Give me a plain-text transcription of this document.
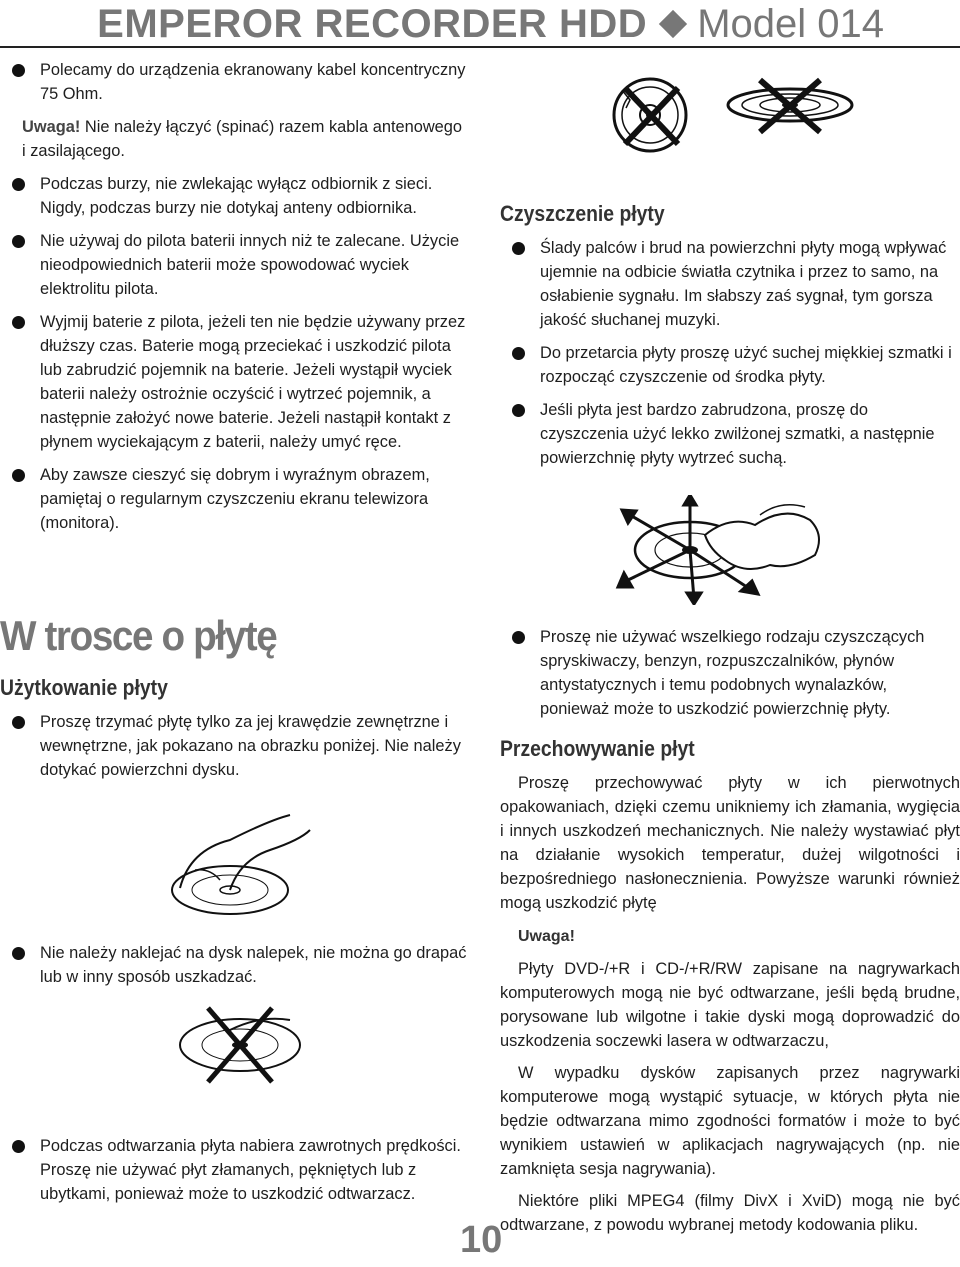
EMPEROR RECORDER HDD Model 014

Polecamy do urządzenia ekranowany kabel koncentryczny 75 Ohm.

Uwaga! Nie należy łączyć (spinać) razem kabla antenowego i zasilającego.

Podczas burzy, nie zwlekając wyłącz odbiornik z sieci. Nigdy, podczas burzy nie dotykaj anteny odbiornika.

Nie używaj do pilota baterii innych niż te zalecane. Użycie nieodpowiednich baterii może spowodować wyciek elektrolitu pilota.

Wyjmij baterie z pilota, jeżeli ten nie będzie używany przez dłuższy czas. Baterie mogą przeciekać i uszkodzić pilota lub zabrudzić pojemnik na baterie. Jeżeli wystąpił wyciek baterii należy ostrożnie oczyścić i wytrzeć pojemnik, a następnie założyć nowe baterie. Jeżeli nastąpił kontakt z płynem wyciekającym z baterii, należy umyć ręce.

Aby zawsze cieszyć się dobrym i wyraźnym obrazem, pamiętaj o regularnym czyszczeniu ekranu telewizora (monitora).

Czyszczenie płyty

Ślady palców i brud na powierzchni płyty mogą wpływać ujemnie na odbicie światła czytnika i przez to samo, na osłabienie sygnału. Im słabszy zaś sygnał, tym gorsza jakość słuchanej muzyki.

Do przetarcia płyty proszę użyć suchej miękkiej szmatki i rozpocząć czyszczenie od środka płyty.

Jeśli płyta jest bardzo zabrudzona, proszę do czyszczenia użyć lekko zwilżonej szmatki, a następnie powierzchnię płyty wytrzeć suchą.

W trosce o płytę
Użytkowanie płyty

Proszę trzymać płytę tylko za jej krawędzie zewnętrzne i wewnętrzne, jak pokazano na obrazku poniżej. Nie należy dotykać powierzchni dysku.

Nie należy naklejać na dysk nalepek, nie można go drapać lub w inny sposób uszkadzać.

Podczas odtwarzania płyta nabiera zawrotnych prędkości. Proszę nie używać płyt złamanych, pękniętych lub z ubytkami, ponieważ może to uszkodzić odtwarzacz.

Proszę nie używać wszelkiego rodzaju czyszczących spryskiwaczy, benzyn, rozpuszczalników, płynów antystatycznych i temu podobnych wynalazków, ponieważ może to uszkodzić powierzchnię płyty.

Przechowywanie płyt

Proszę przechowywać płyty w ich pierwotnych opakowaniach, dzięki czemu unikniemy ich złamania, wygięcia i innych uszkodzeń mechanicznych. Nie należy wystawiać płyt na działanie wysokich temperatur, dużej wilgotności i bezpośredniego nasłonecznienia. Powyższe warunki również mogą uszkodzić płytę

Uwaga!

Płyty DVD-/+R i CD-/+R/RW zapisane na nagrywarkach komputerowych mogą nie być odtwarzane, jeśli będą brudne, porysowane lub wilgotne i takie dyski mogą doprowadzić do uszkodzenia soczewki lasera w odtwarzaczu,

W wypadku dysków zapisanych przez nagrywarki komputerowe mogą wystąpić sytuacje, w których płyta nie będzie odtwarzana mimo zgodności formatów i może to być wynikiem ustawień w aplikacjach nagrywających (np. nie zamknięta sesja nagrywania).

Niektóre pliki MPEG4 (filmy DivX i XviD) mogą nie być odtwarzane, z powodu wybranej metody kodowania pliku.

10
